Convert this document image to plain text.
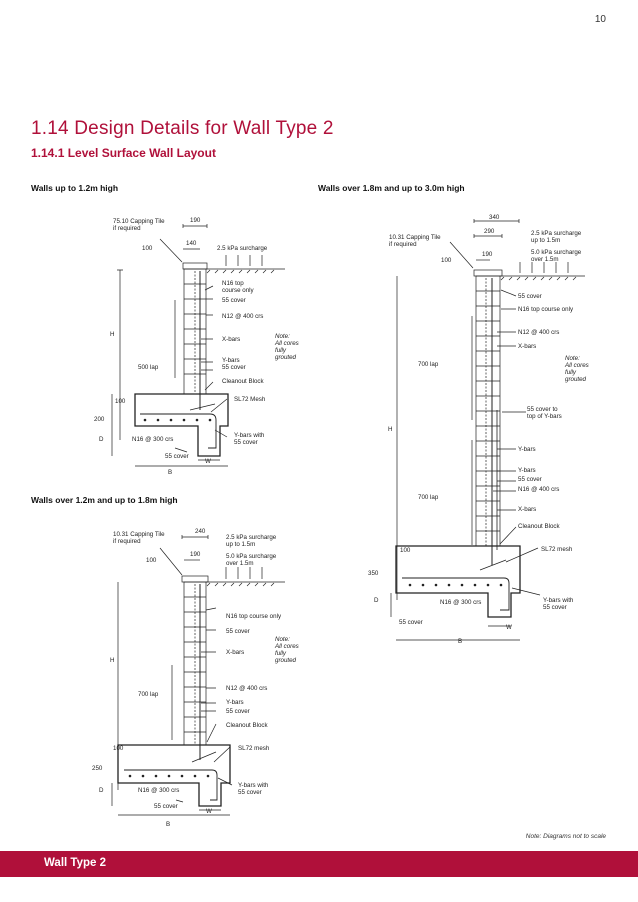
10
1.14 Design Details for Wall Type 2
1.14.1 Level Surface Wall Layout
Walls up to 1.2m high	Walls over 1.8m and up to 3.0m high
Walls over 1.2m and up to 1.8m high
75.10 Capping Tile
if required
190
140
100	2.5 kPa surcharge
N16 top
course only
55 cover
N12 @ 400 crs
H
X-bars	Note:
All cores
fully
grouted
Y-bars
55 cover
500 lap
Cleanout Block
100	SL72 Mesh
200
D	N16 @ 300 crs
Y-bars with
55 cover
55 cover
W
B
10.31 Capping Tile
if required
240
190
100
2.5 kPa surcharge
up to 1.5m
5.0 kPa surcharge
over 1.5m
N16 top course only
55 cover
Note:
All cores
fully
grouted
X-bars
H
N12 @ 400 crs
700 lap
Y-bars
55 cover
Cleanout Block
100	SL72 mesh
250
D	N16 @ 300 crs
Y-bars with
55 cover
55 cover
W
B
340
290
10.31 Capping Tile
if required
190
100
2.5 kPa surcharge
up to 1.5m
5.0 kPa surcharge
over 1.5m
55 cover
N16 top course only
N12 @ 400 crs
X-bars
Note:
All cores
fully
grouted
700 lap
55 cover to
top of Y-bars
H
Y-bars
Y-bars
55 cover
N16 @ 400 crs
700 lap
X-bars
Cleanout Block
100	SL72 mesh
350
D	N16 @ 300 crs	Y-bars with
55 cover
55 cover
W
B
Note: Diagrams not to scale
Wall Type 2
